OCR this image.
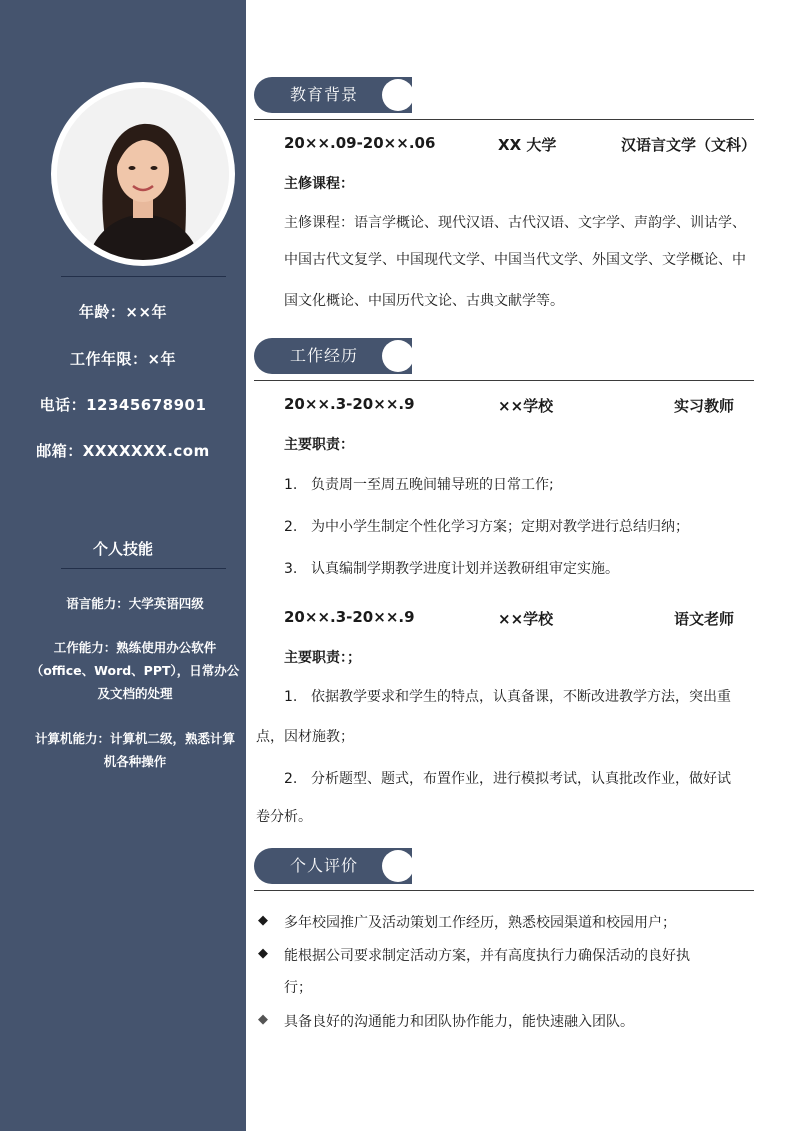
年龄：××年
工作年限：×年
电话：12345678901
邮箱：XXXXXXX.com
个人技能
语言能力：大学英语四级
工作能力：熟练使用办公软件（office、Word、PPT），日常办公及文档的处理
计算机能力：计算机二级，熟悉计算机各种操作
教育背景
20××.09-20××.06	XX 大学	汉语言文学（文科）
主修课程：
主修课程：语言学概论、现代汉语、古代汉语、文字学、声韵学、训诂学、
中国古代文复学、中国现代文学、中国当代文学、外国文学、文学概论、中
国文化概论、中国历代文论、古典文献学等。
工作经历
20××.3-20××.9	××学校	实习教师
主要职责：
1. 负责周一至周五晚间辅导班的日常工作;
2. 为中小学生制定个性化学习方案；定期对教学进行总结归纳；
3. 认真编制学期教学进度计划并送教研组审定实施。
20××.3-20××.9	××学校	语文老师
主要职责：；
1. 依据教学要求和学生的特点，认真备课，不断改进教学方法，突出重
点，因材施教；
2. 分析题型、题式，布置作业，进行模拟考试，认真批改作业，做好试
卷分析。
个人评价
◆ 多年校园推广及活动策划工作经历，熟悉校园渠道和校园用户；
◆ 能根据公司要求制定活动方案，并有高度执行力确保活动的良好执
行；
◆ 具备良好的沟通能力和团队协作能力，能快速融入团队。
